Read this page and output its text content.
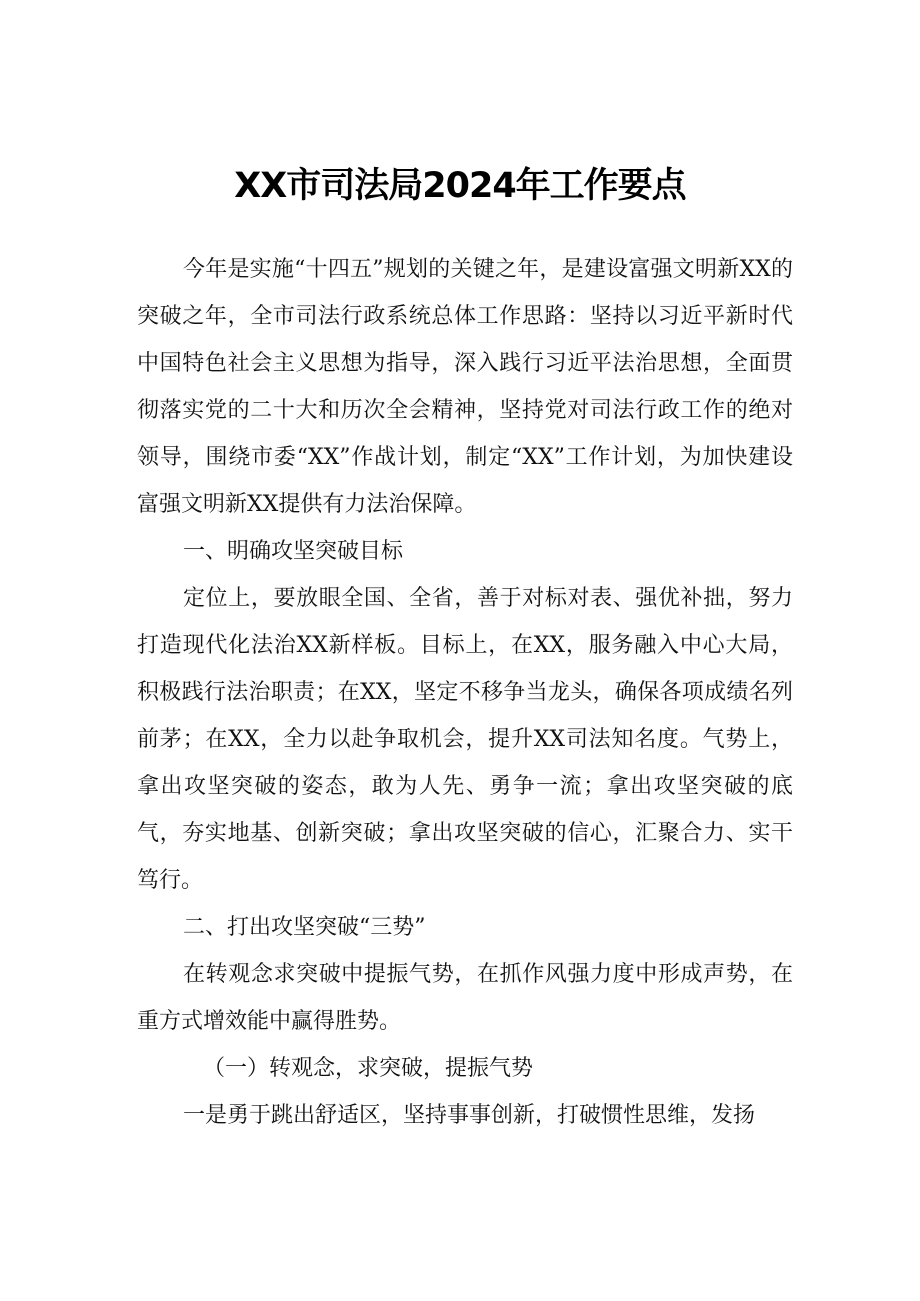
XX市司法局2024年工作要点

今年是实施“十四五”规划的关键之年，是建设富强文明新XX的突破之年，全市司法行政系统总体工作思路：坚持以习近平新时代中国特色社会主义思想为指导，深入践行习近平法治思想，全面贯彻落实党的二十大和历次全会精神，坚持党对司法行政工作的绝对领导，围绕市委“XX”作战计划，制定“XX”工作计划，为加快建设富强文明新XX提供有力法治保障。

一、明确攻坚突破目标

定位上，要放眼全国、全省，善于对标对表、强优补拙，努力打造现代化法治XX新样板。目标上，在XX，服务融入中心大局，积极践行法治职责；在XX，坚定不移争当龙头，确保各项成绩名列前茅；在XX，全力以赴争取机会，提升XX司法知名度。气势上，拿出攻坚突破的姿态，敢为人先、勇争一流；拿出攻坚突破的底气，夯实地基、创新突破；拿出攻坚突破的信心，汇聚合力、实干笃行。

二、打出攻坚突破“三势”

在转观念求突破中提振气势，在抓作风强力度中形成声势，在重方式增效能中赢得胜势。

（一）转观念，求突破，提振气势

一是勇于跳出舒适区，坚持事事创新，打破惯性思维，发扬
